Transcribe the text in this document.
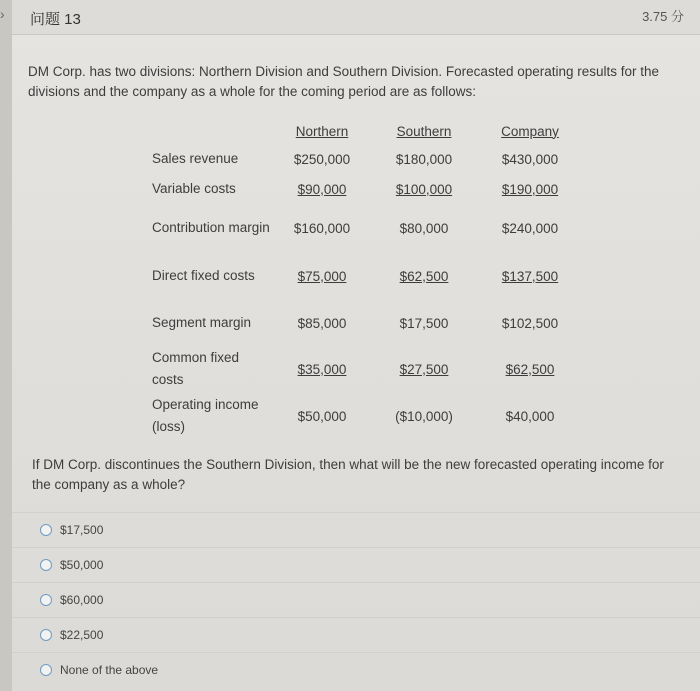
› 问题 13	3.75 分
DM Corp. has two divisions: Northern Division and Southern Division. Forecasted operating results for the divisions and the company as a whole for the coming period are as follows:
	Northern	Southern	Company
Sales revenue	$250,000	$180,000	$430,000
Variable costs	$90,000	$100,000	$190,000
Contribution margin	$160,000	$80,000	$240,000
Direct fixed costs	$75,000	$62,500	$137,500
Segment margin	$85,000	$17,500	$102,500
Common fixed costs	$35,000	$27,500	$62,500
Operating income (loss)	$50,000	($10,000)	$40,000
If DM Corp. discontinues the Southern Division, then what will be the new forecasted operating income for the company as a whole?
$17,500
$50,000
$60,000
$22,500
None of the above
